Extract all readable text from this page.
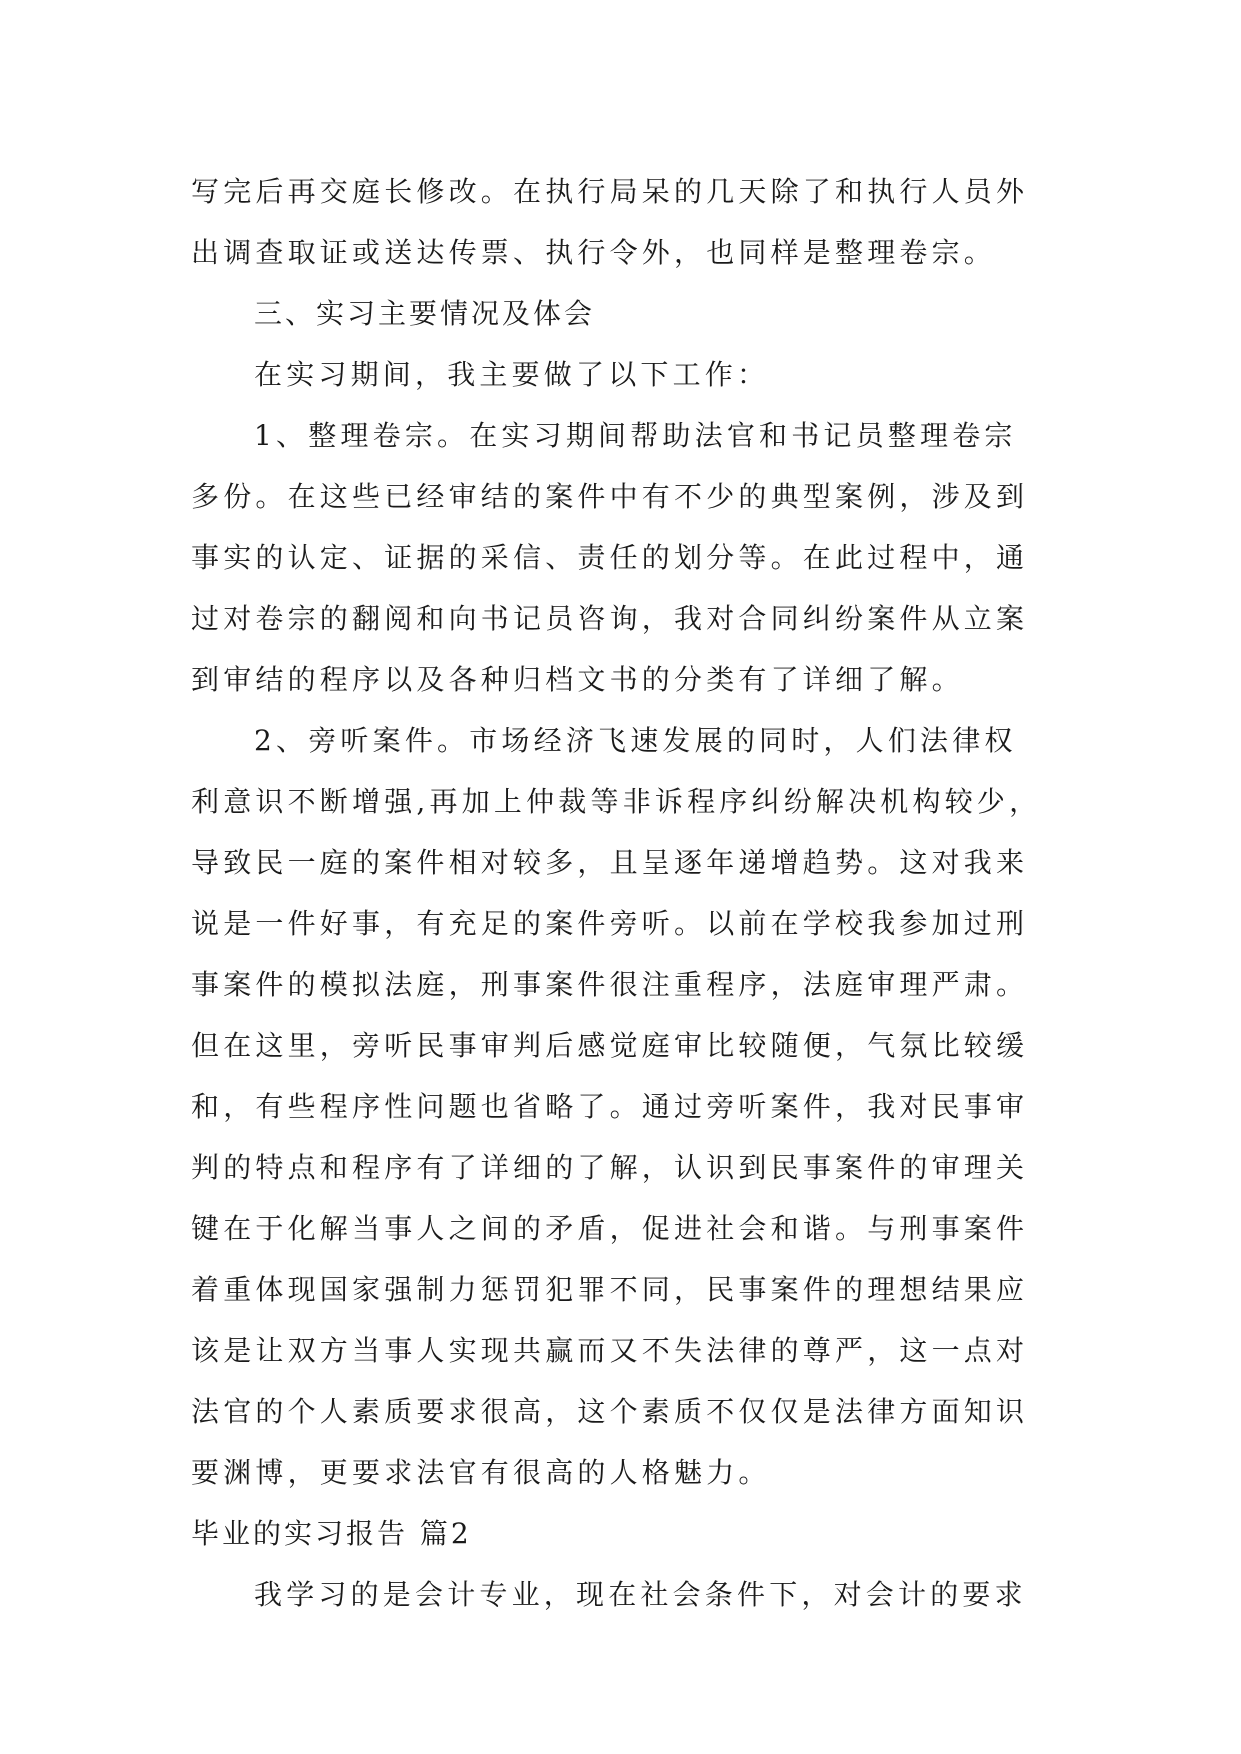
写完后再交庭长修改。在执行局呆的几天除了和执行人员外
出调查取证或送达传票、执行令外，也同样是整理卷宗。
三、实习主要情况及体会
在实习期间，我主要做了以下工作：
1、整理卷宗。在实习期间帮助法官和书记员整理卷宗
多份。在这些已经审结的案件中有不少的典型案例，涉及到
事实的认定、证据的采信、责任的划分等。在此过程中，通
过对卷宗的翻阅和向书记员咨询，我对合同纠纷案件从立案
到审结的程序以及各种归档文书的分类有了详细了解。
2、旁听案件。市场经济飞速发展的同时，人们法律权
利意识不断增强,再加上仲裁等非诉程序纠纷解决机构较少，
导致民一庭的案件相对较多，且呈逐年递增趋势。这对我来
说是一件好事，有充足的案件旁听。以前在学校我参加过刑
事案件的模拟法庭，刑事案件很注重程序，法庭审理严肃。
但在这里，旁听民事审判后感觉庭审比较随便，气氛比较缓
和，有些程序性问题也省略了。通过旁听案件，我对民事审
判的特点和程序有了详细的了解，认识到民事案件的审理关
键在于化解当事人之间的矛盾，促进社会和谐。与刑事案件
着重体现国家强制力惩罚犯罪不同，民事案件的理想结果应
该是让双方当事人实现共赢而又不失法律的尊严，这一点对
法官的个人素质要求很高，这个素质不仅仅是法律方面知识
要渊博，更要求法官有很高的人格魅力。
毕业的实习报告 篇2
我学习的是会计专业，现在社会条件下，对会计的要求
